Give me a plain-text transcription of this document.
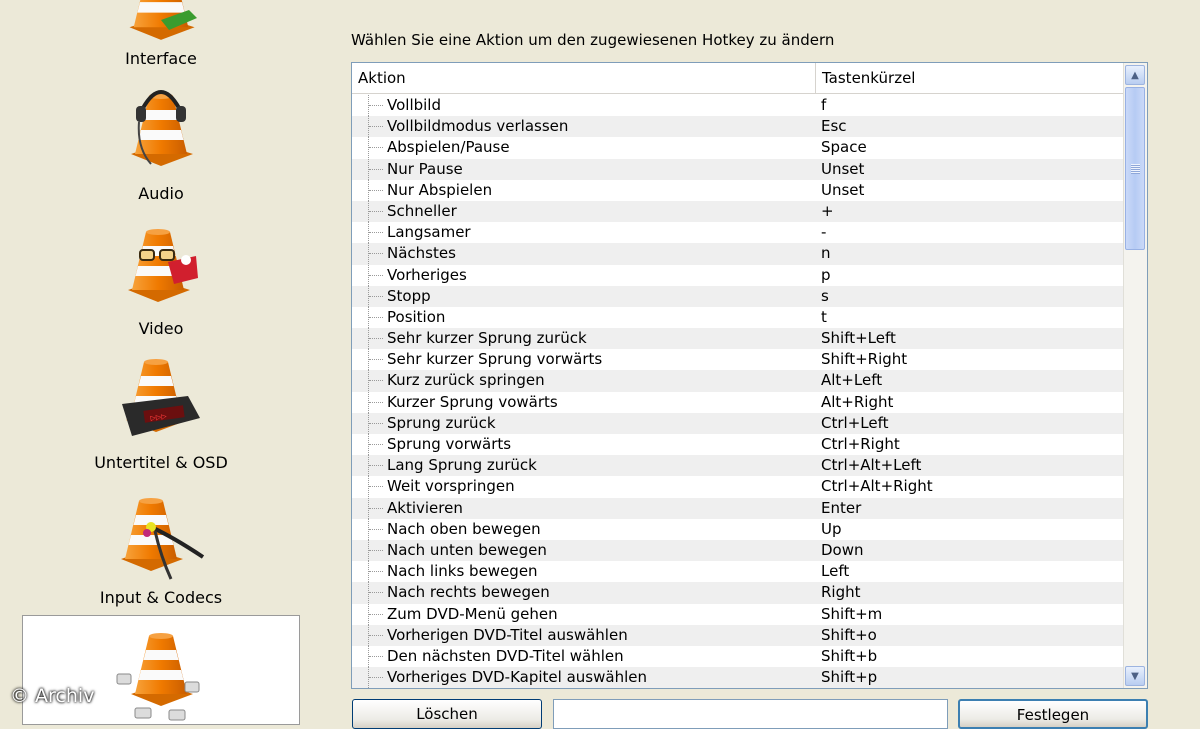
Interface
Audio
Video
▷▷▷
Untertitel & OSD
Input & Codecs
© Archiv
Wählen Sie eine Aktion um den zugewiesenen Hotkey zu ändern
Aktion	Tastenkürzel
Vollbild	f
Vollbildmodus verlassen	Esc
Abspielen/Pause	Space
Nur Pause	Unset
Nur Abspielen	Unset
Schneller	+
Langsamer	-
Nächstes	n
Vorheriges	p
Stopp	s
Position	t
Sehr kurzer Sprung zurück	Shift+Left
Sehr kurzer Sprung vorwärts	Shift+Right
Kurz zurück springen	Alt+Left
Kurzer Sprung vowärts	Alt+Right
Sprung zurück	Ctrl+Left
Sprung vorwärts	Ctrl+Right
Lang Sprung zurück	Ctrl+Alt+Left
Weit vorspringen	Ctrl+Alt+Right
Aktivieren	Enter
Nach oben bewegen	Up
Nach unten bewegen	Down
Nach links bewegen	Left
Nach rechts bewegen	Right
Zum DVD-Menü gehen	Shift+m
Vorherigen DVD-Titel auswählen	Shift+o
Den nächsten DVD-Titel wählen	Shift+b
Vorheriges DVD-Kapitel auswählen	Shift+p
▲
▼
Löschen	Festlegen
